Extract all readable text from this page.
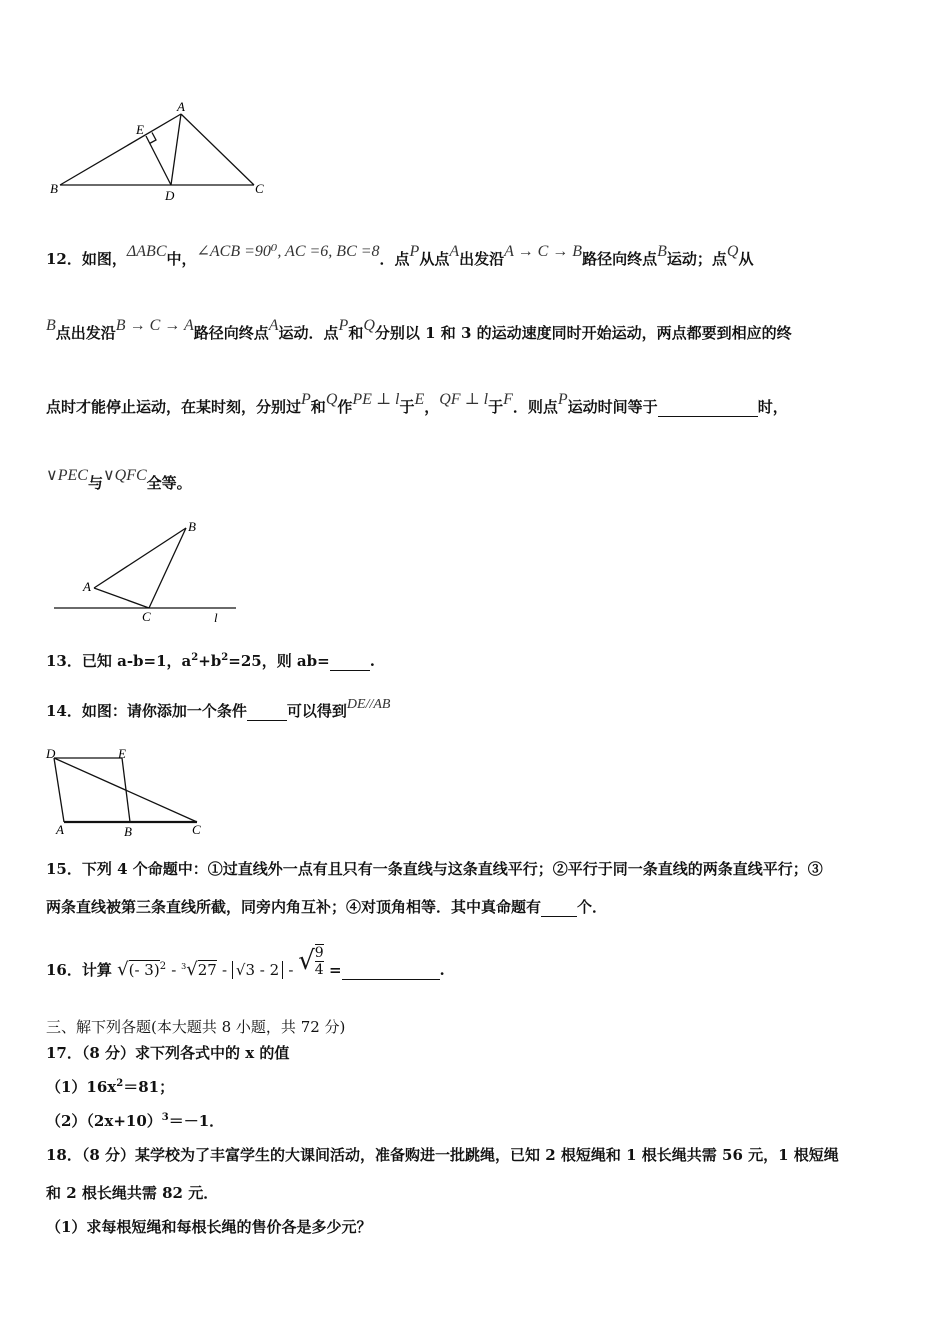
A
B	C
D
E
12．如图，ΔABC中，∠ACB =90⁰, AC =6, BC =8．点P从点A出发沿A → C → B路径向终点B运动；点Q从
B点出发沿B → C → A路径向终点A运动．点P和Q分别以 1 和 3 的运动速度同时开始运动，两点都要到相应的终
点时才能停止运动，在某时刻，分别过P和Q作PE ⊥ l于E，QF ⊥ l于F．则点P运动时间等于	时，
∨PEC与∨QFC全等。
A
B
C	l
13．已知 a-b=1，$a^2+b^2=25$，则 ab=	.
14．如图：请你添加一个条件	可以得到DE//AB
D	E
A	B	C
15．下列 4 个命题中：①过直线外一点有且只有一条直线与这条直线平行；②平行于同一条直线的两条直线平行；③
两条直线被第三条直线所截，同旁内角互补；④对顶角相等．其中真命题有 个．
16．计算 √(- 3)$^2$ - $^3$√27 - √3 - 2 - √ $\frac{9}{4}$ =	.
三、解下列各题(本大题共 8 小题，共 72 分)
17．（8 分）求下列各式中的 x 的值
$(1)16x^2=81$；
$(2)(2x+10)^3=-1$．
18．（8 分）某学校为了丰富学生的大课间活动，准备购进一批跳绳，已知 2 根短绳和 1 根长绳共需 56 元，1 根短绳
和 2 根长绳共需 82 元．
（1）求每根短绳和每根长绳的售价各是多少元？
